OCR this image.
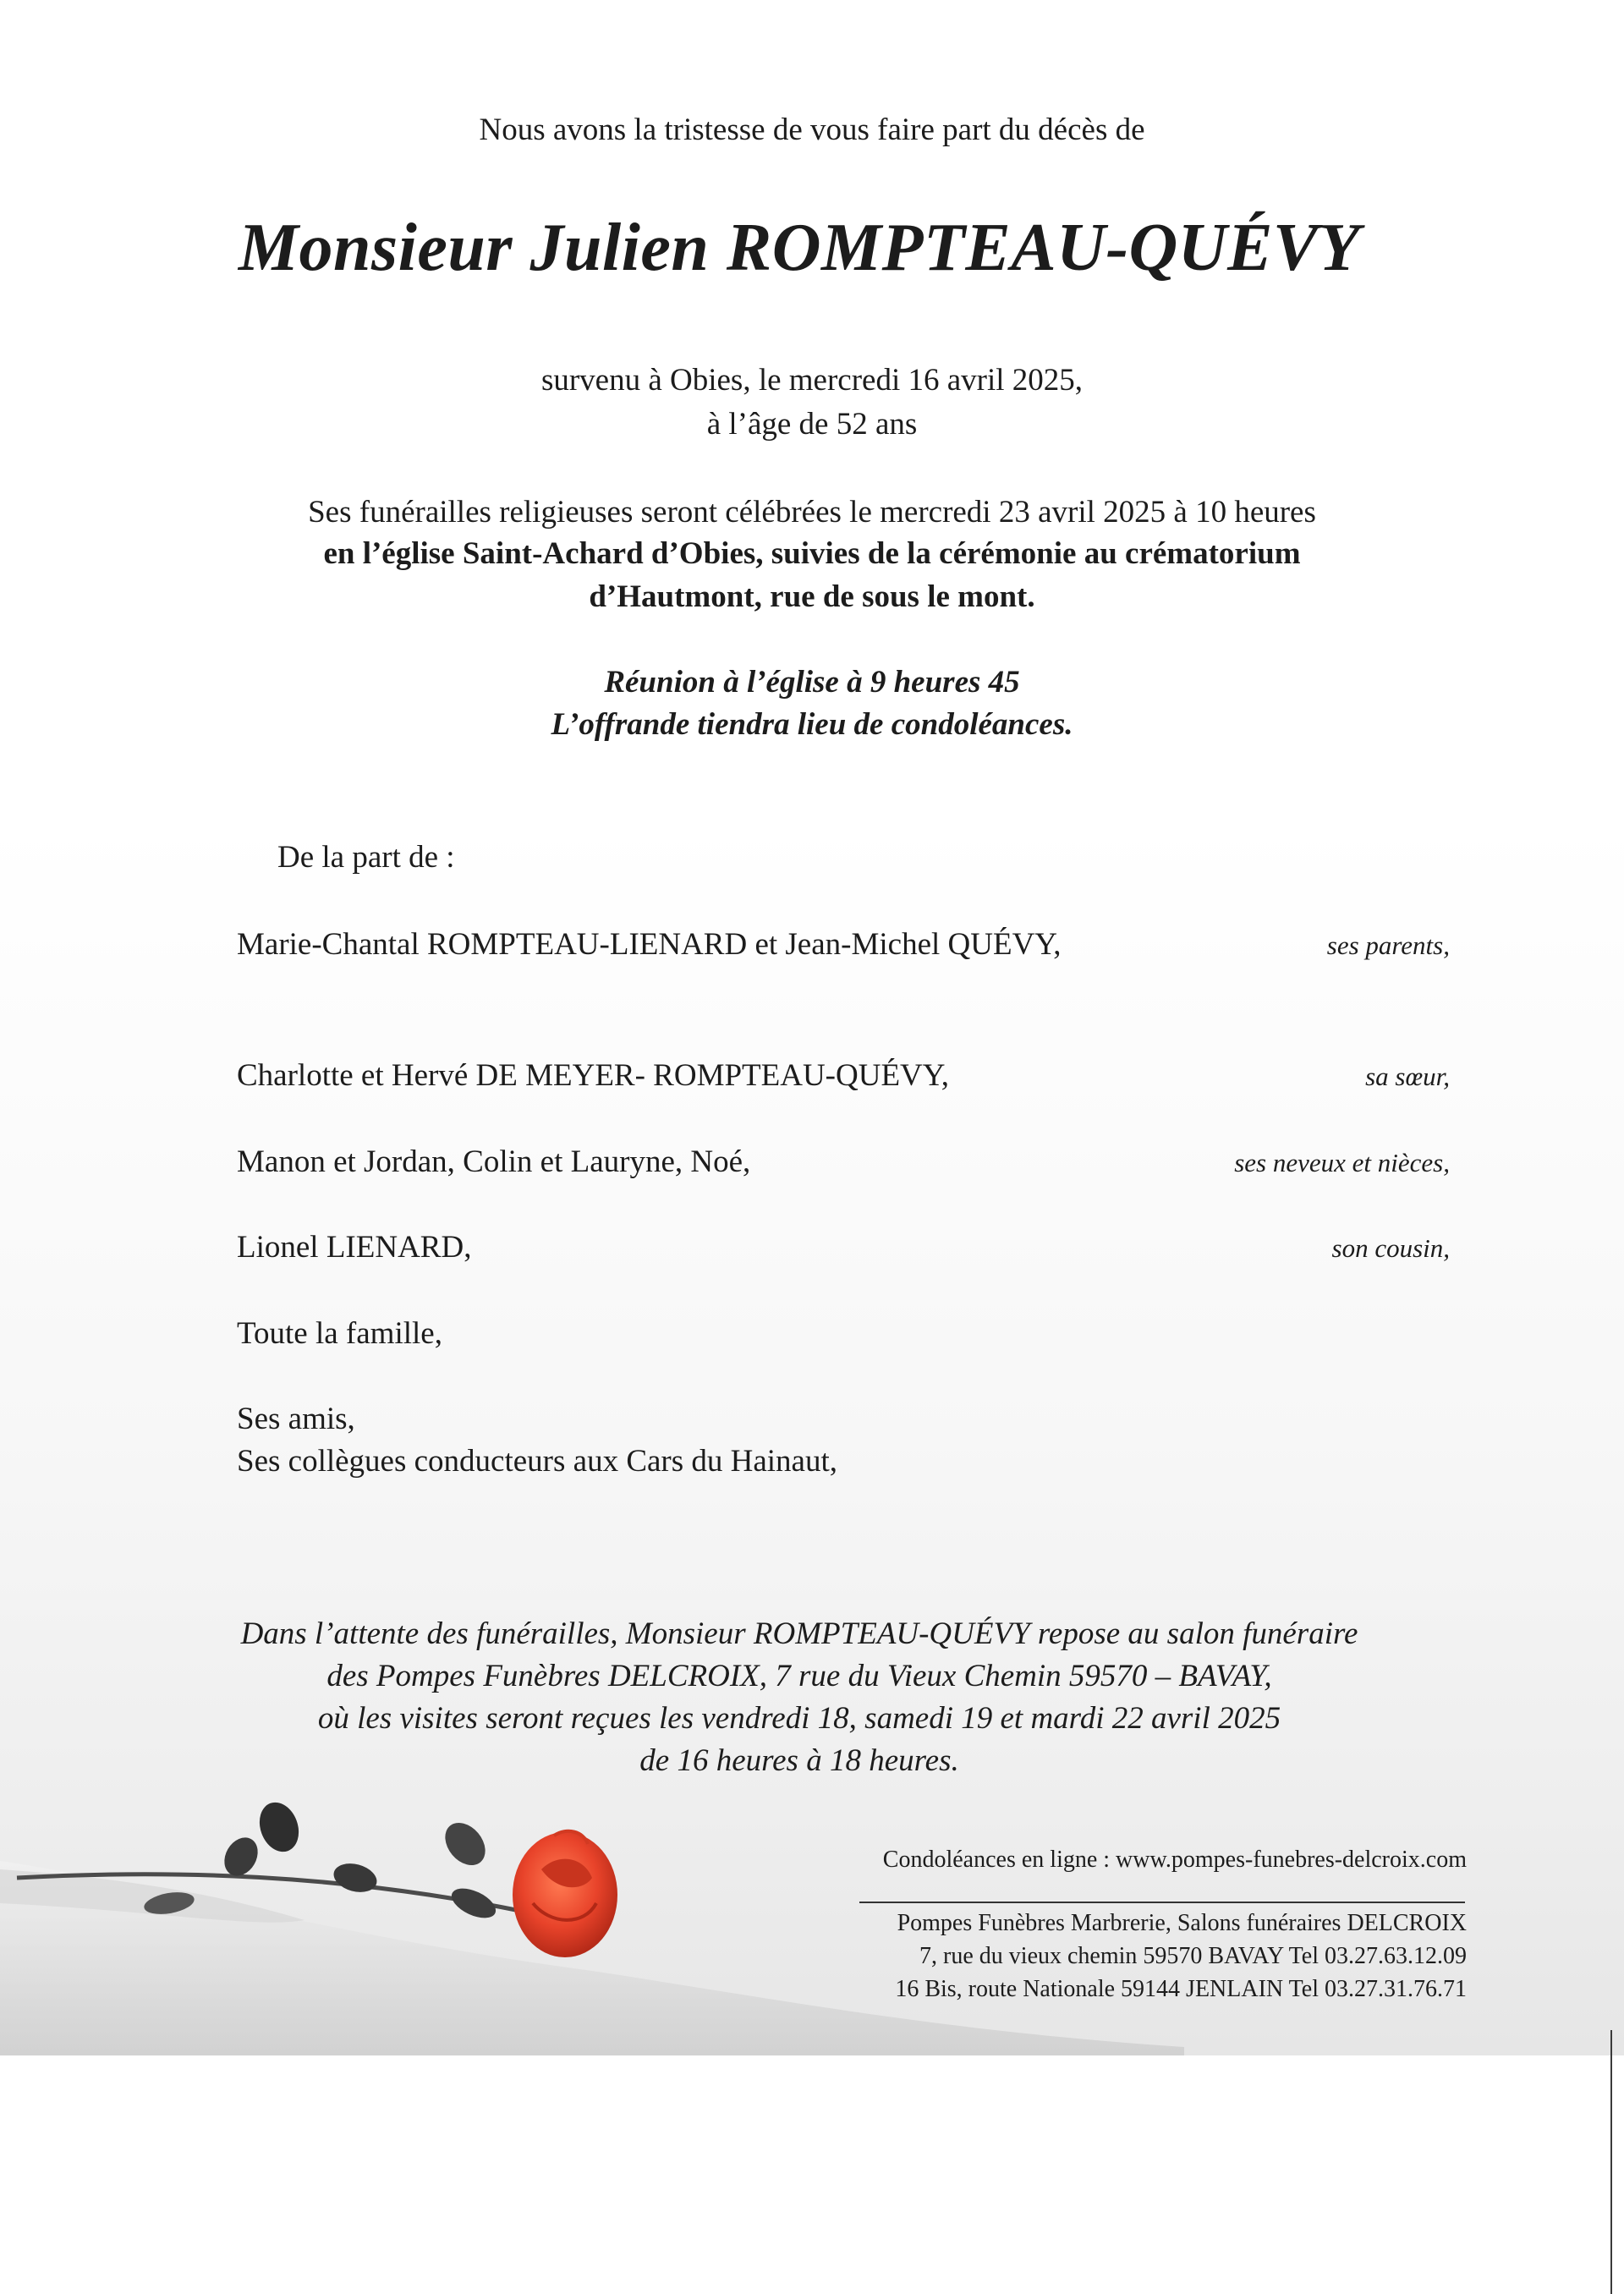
Nous avons la tristesse de vous faire part du décès de
Monsieur Julien ROMPTEAU-QUÉVY
survenu à Obies, le mercredi 16 avril 2025,
à l’âge de 52 ans
Ses funérailles religieuses seront célébrées le mercredi 23 avril 2025 à 10 heures
en l’église Saint-Achard d’Obies, suivies de la cérémonie au crématorium
d’Hautmont, rue de sous le mont.
Réunion à l’église à 9 heures 45
L’offrande tiendra lieu de condoléances.
De la part de :
Marie-Chantal ROMPTEAU-LIENARD et Jean-Michel QUÉVY,	ses parents,
Charlotte et Hervé DE MEYER- ROMPTEAU-QUÉVY,	sa sœur,
Manon et Jordan, Colin et Lauryne, Noé,	ses neveux et nièces,
Lionel LIENARD,	son cousin,
Toute la famille,
Ses amis,
Ses collègues conducteurs aux Cars du Hainaut,
Dans l’attente des funérailles, Monsieur ROMPTEAU-QUÉVY repose au salon funéraire
des Pompes Funèbres DELCROIX, 7 rue du Vieux Chemin 59570 – BAVAY,
où les visites seront reçues les vendredi 18, samedi 19 et mardi 22 avril 2025
de 16 heures à 18 heures.
Condoléances en ligne : www.pompes-funebres-delcroix.com
Pompes Funèbres Marbrerie, Salons funéraires DELCROIX
7, rue du vieux chemin 59570 BAVAY Tel 03.27.63.12.09
16 Bis, route Nationale 59144 JENLAIN Tel 03.27.31.76.71
